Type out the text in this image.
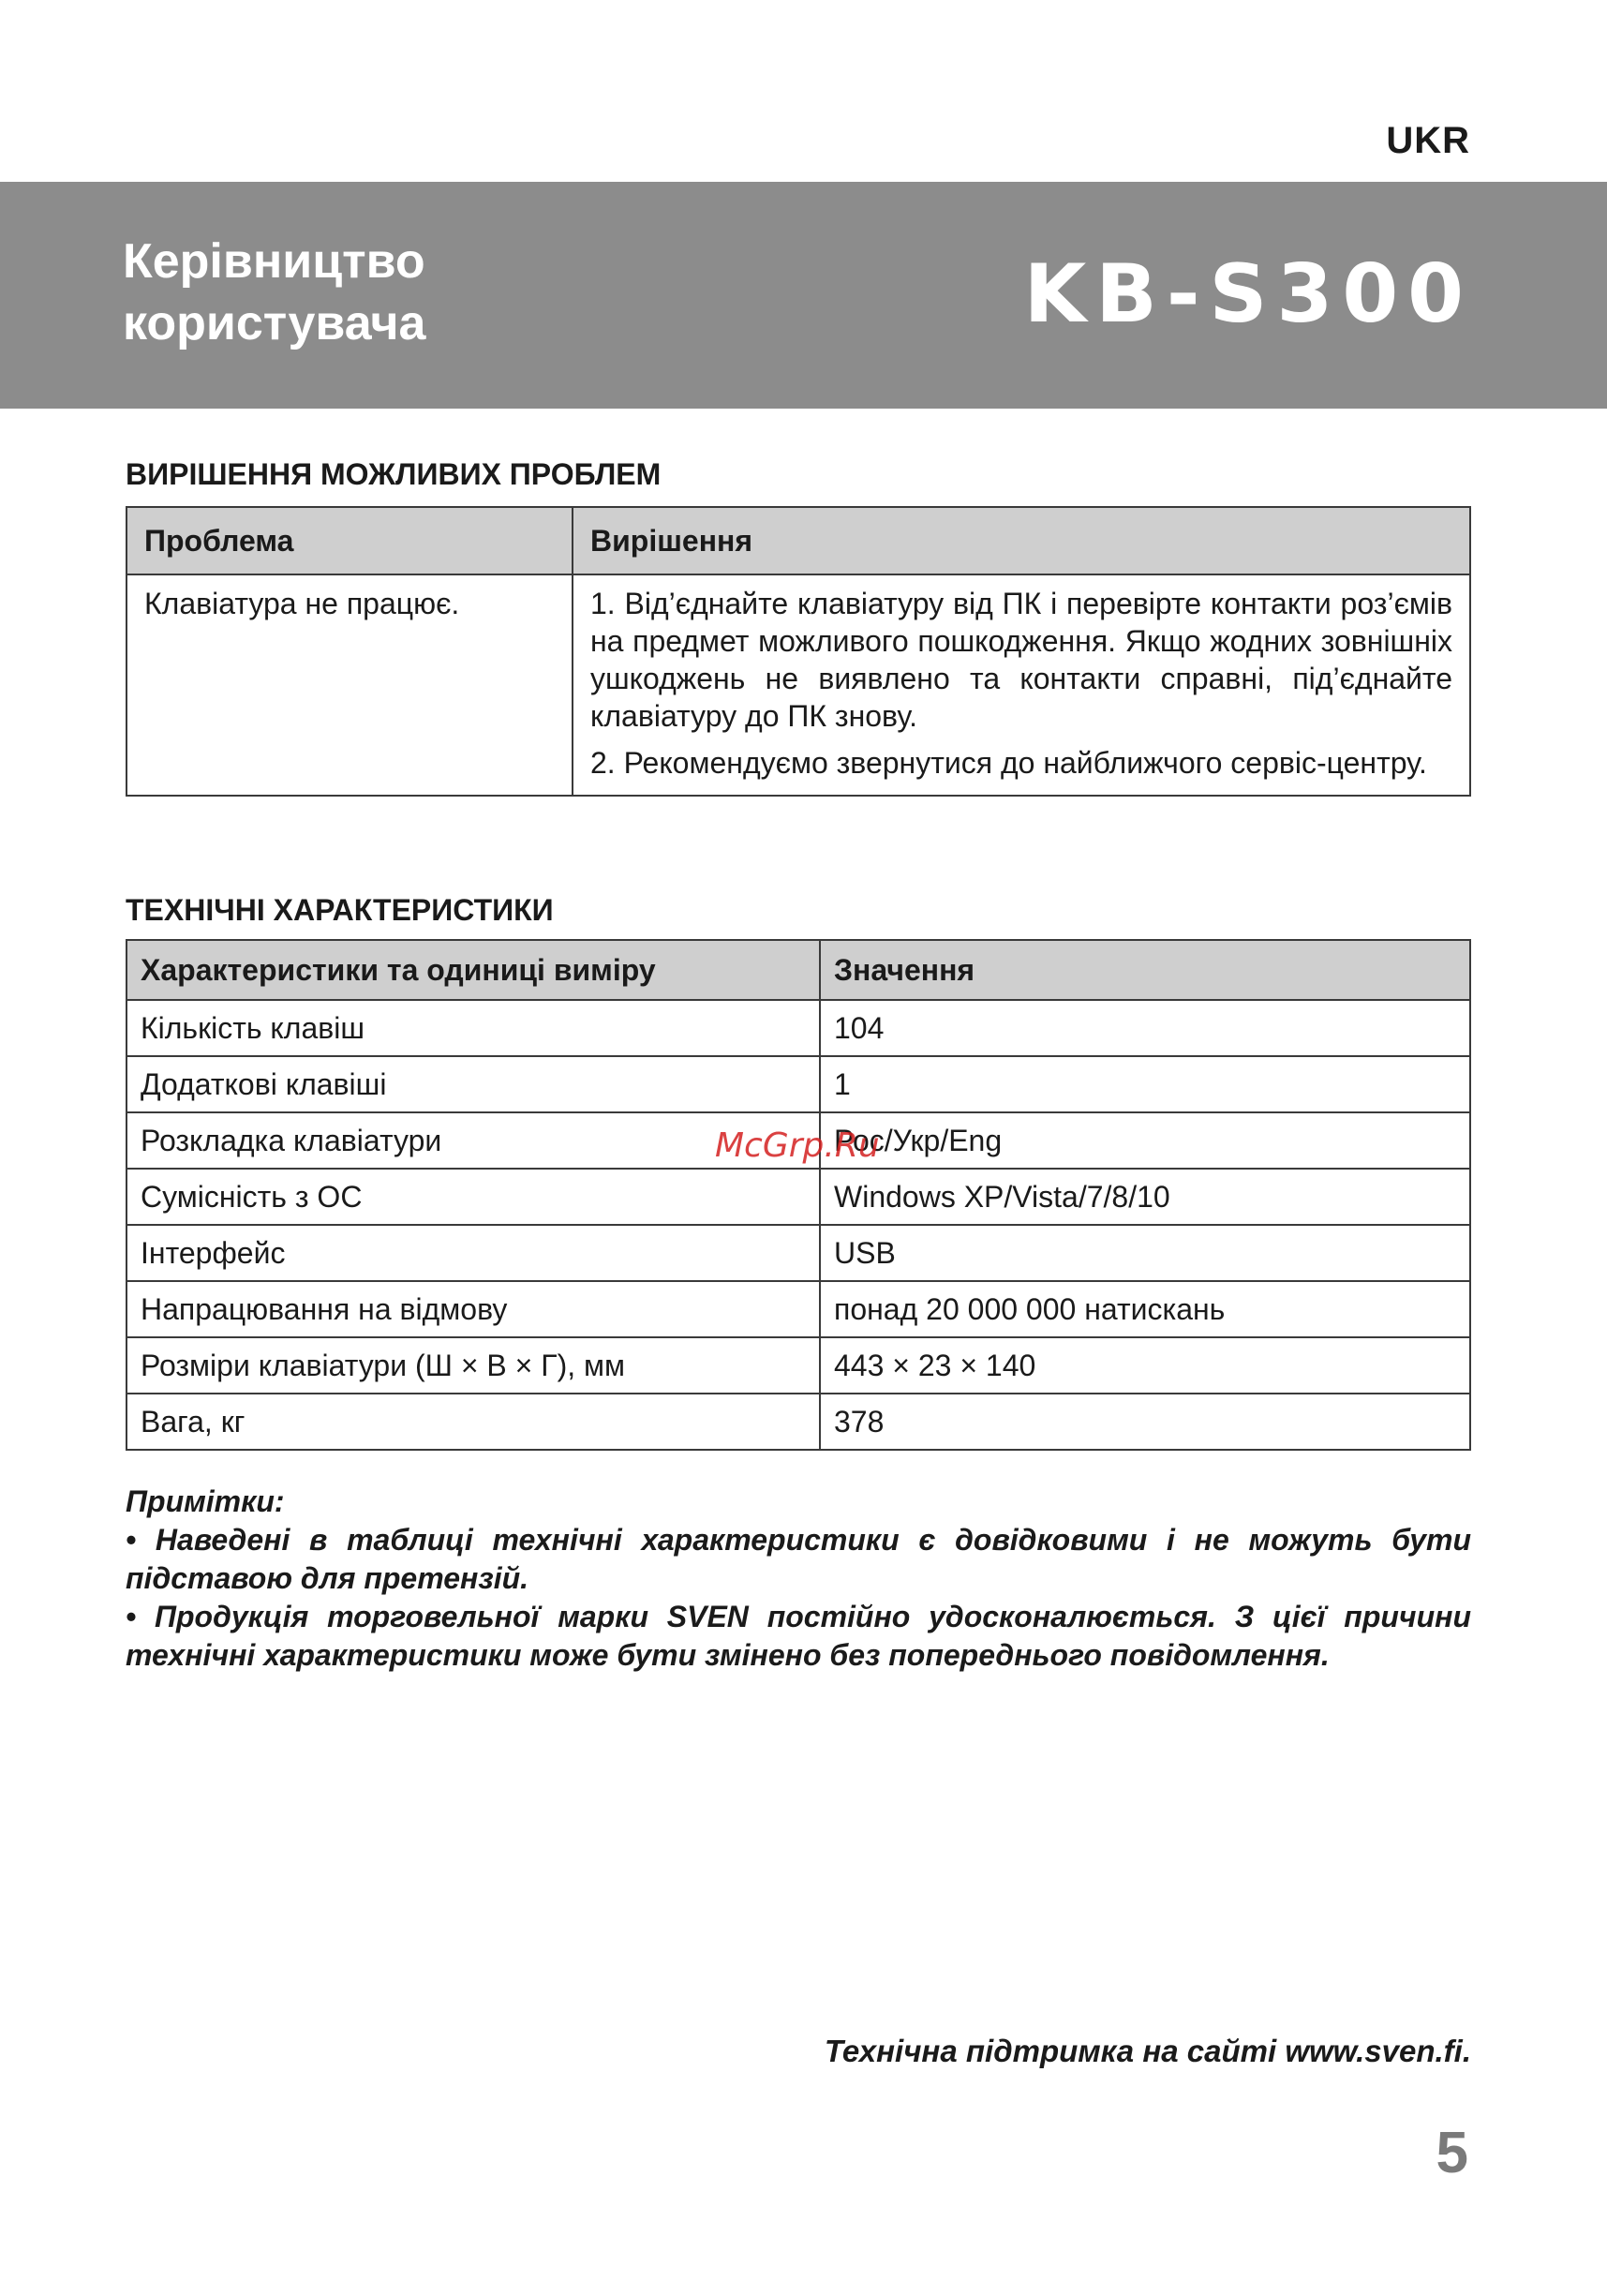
UKR
Керівництво
користувача	KB-S300
ВИРІШЕННЯ МОЖЛИВИХ ПРОБЛЕМ
Проблема	Вирішення
Клавіатура не працює.	1. Від’єднайте клавіатуру від ПК і перевірте контакти роз’ємів на предмет можливого пошкодження. Якщо жодних зовнішніх ушкоджень не виявлено та контакти справні, під’єднайте клавіатуру до ПК знову.

2. Рекомендуємо звернутися до найближчого сервіс-центру.

ТЕХНІЧНІ ХАРАКТЕРИСТИКИ
Характеристики та одиниці виміру	Значення
Кількість клавіш	104
Додаткові клавіші	1
Розкладка клавіатури	Рос/Укр/Eng
Сумісність з ОС	Windows XP/Vista/7/8/10
Інтерфейс	USB
Напрацювання на відмову	понад 20 000 000 натискань
Розміри клавіатури (Ш × В × Г), мм	443 × 23 × 140
Вага, кг	378
McGrp.Ru

Примітки:

• Наведені в таблиці технічні характеристики є довідковими і не можуть бути підставою для претензій.

• Продукція торговельної марки SVEN постійно удосконалюється. З цієї причини технічні характеристики може бути змінено без попереднього повідомлення.

Технічна підтримка на сайті www.sven.fi.
5
